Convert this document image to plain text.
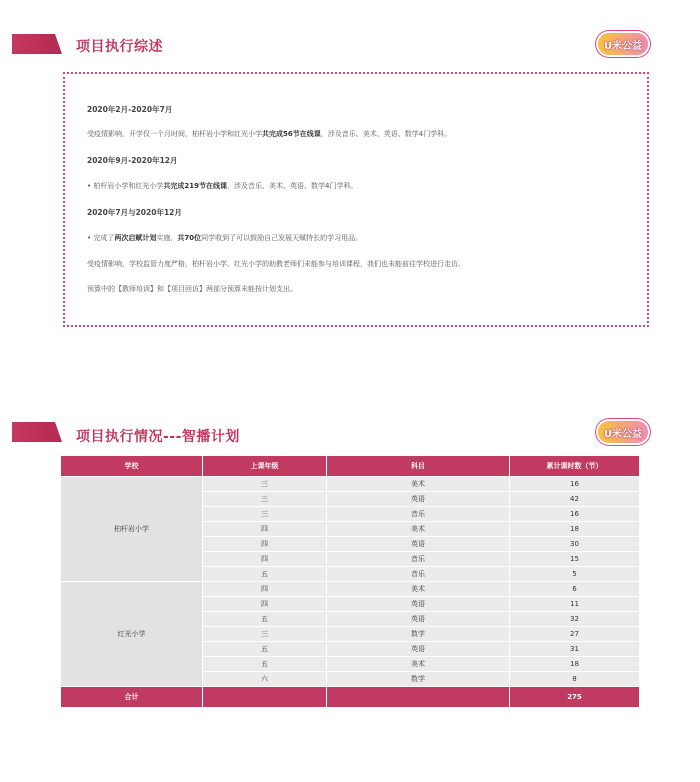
项目执行综述	U米公益
2020年2月-2020年7月
受疫情影响，开学仅一个月时间，柏杆岩小学和红光小学共完成56节在线课，涉及音乐、美术、英语、数学4门学科。
2020年9月-2020年12月
• 柏杆岩小学和红光小学共完成219节在线课，涉及音乐、美术、英语、数学4门学科。
2020年7月与2020年12月
• 完成了两次启赋计划实施，共70位同学收到了可以鼓励自己发展天赋特长的学习用品。
受疫情影响，学校监管力度严格，柏杆岩小学、红光小学的助教老师们未能参与培训课程，我们也未能前往学校进行走访。
预算中的【教师培训】和【项目回访】两部分预算未能按计划支出。
项目执行情况---智播计划	U米公益
学校	上课年级	科目	累计课时数（节）
柏杆岩小学	三	美术	16
	三	英语	42
	三	音乐	16
	四	美术	18
	四	英语	30
	四	音乐	15
	五	音乐	5
红光小学	四	美术	6
	四	英语	11
	五	英语	32
	三	数学	27
	五	英语	31
	五	美术	18
	六	数学	8
合计			275
